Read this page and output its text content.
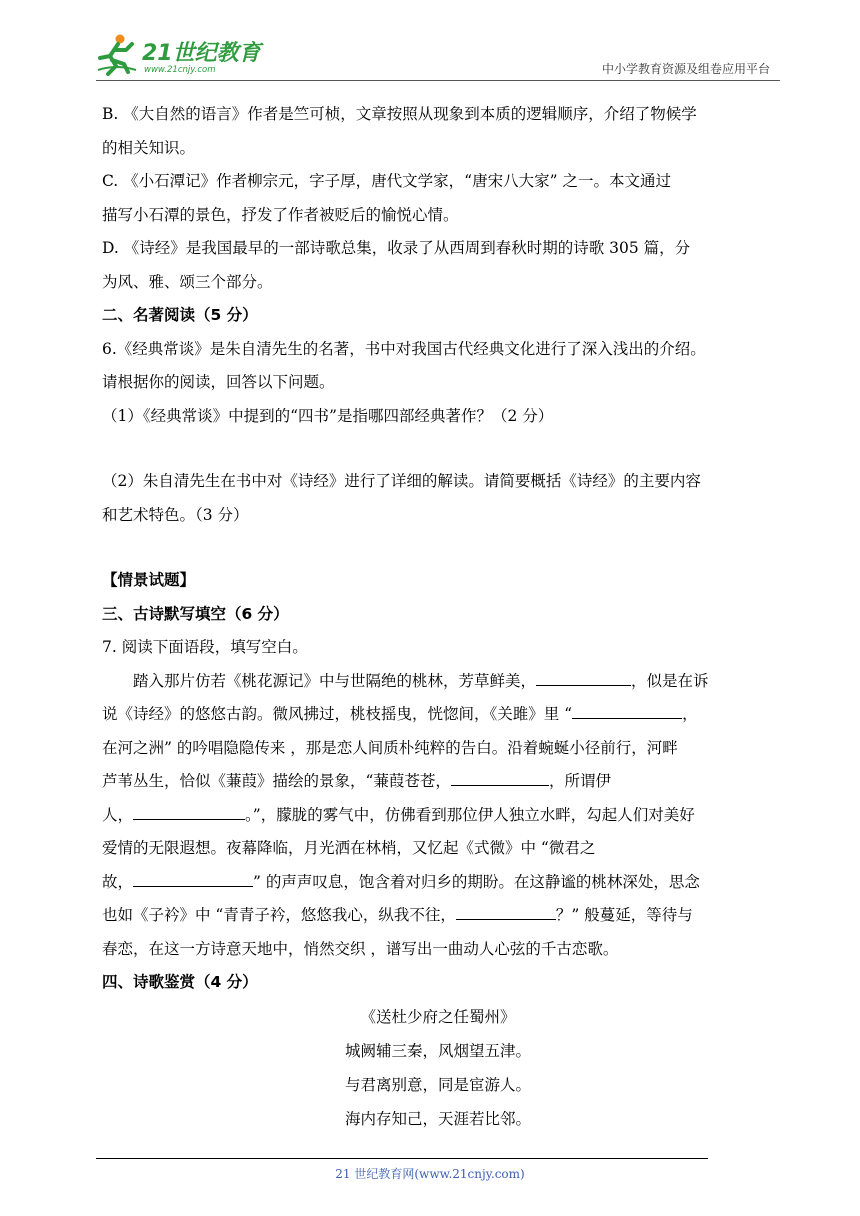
21世纪教育
www.21cnjy.com	中小学教育资源及组卷应用平台

B. 《大自然的语言》作者是竺可桢，文章按照从现象到本质的逻辑顺序，介绍了物候学

的相关知识。

C. 《小石潭记》作者柳宗元，字子厚，唐代文学家，“唐宋八大家” 之一。本文通过

描写小石潭的景色，抒发了作者被贬后的愉悦心情。

D. 《诗经》是我国最早的一部诗歌总集，收录了从西周到春秋时期的诗歌 305 篇，分

为风、雅、颂三个部分。

二、名著阅读（5 分）

6.《经典常谈》是朱自清先生的名著，书中对我国古代经典文化进行了深入浅出的介绍。

请根据你的阅读，回答以下问题。

（1）《经典常谈》中提到的“四书”是指哪四部经典著作？（2 分）

（2）朱自清先生在书中对《诗经》进行了详细的解读。请简要概括《诗经》的主要内容

和艺术特色。（3 分）

【情景试题】

三、古诗默写填空（6 分）

7. 阅读下面语段，填写空白。

踏入那片仿若《桃花源记》中与世隔绝的桃林，芳草鲜美，	，似是在诉

说《诗经》的悠悠古韵。微风拂过，桃枝摇曳，恍惚间，《关雎》里 “	，

在河之洲” 的吟唱隐隐传来 ，那是恋人间质朴纯粹的告白。沿着蜿蜒小径前行，河畔

芦苇丛生，恰似《蒹葭》描绘的景象，“蒹葭苍苍，	，所谓伊

人，	。”，朦胧的雾气中，仿佛看到那位伊人独立水畔，勾起人们对美好

爱情的无限遐想。夜幕降临，月光洒在林梢，又忆起《式微》中 “微君之

故，	” 的声声叹息，饱含着对归乡的期盼。在这静谧的桃林深处，思念

也如《子衿》中 “青青子衿，悠悠我心，纵我不往，	？” 般蔓延，等待与

春恋，在这一方诗意天地中，悄然交织 ，谱写出一曲动人心弦的千古恋歌。

四、诗歌鉴赏（4 分）

《送杜少府之任蜀州》
城阙辅三秦，风烟望五津。
与君离别意，同是宦游人。
海内存知己，天涯若比邻。
21 世纪教育网(www.21cnjy.com)
